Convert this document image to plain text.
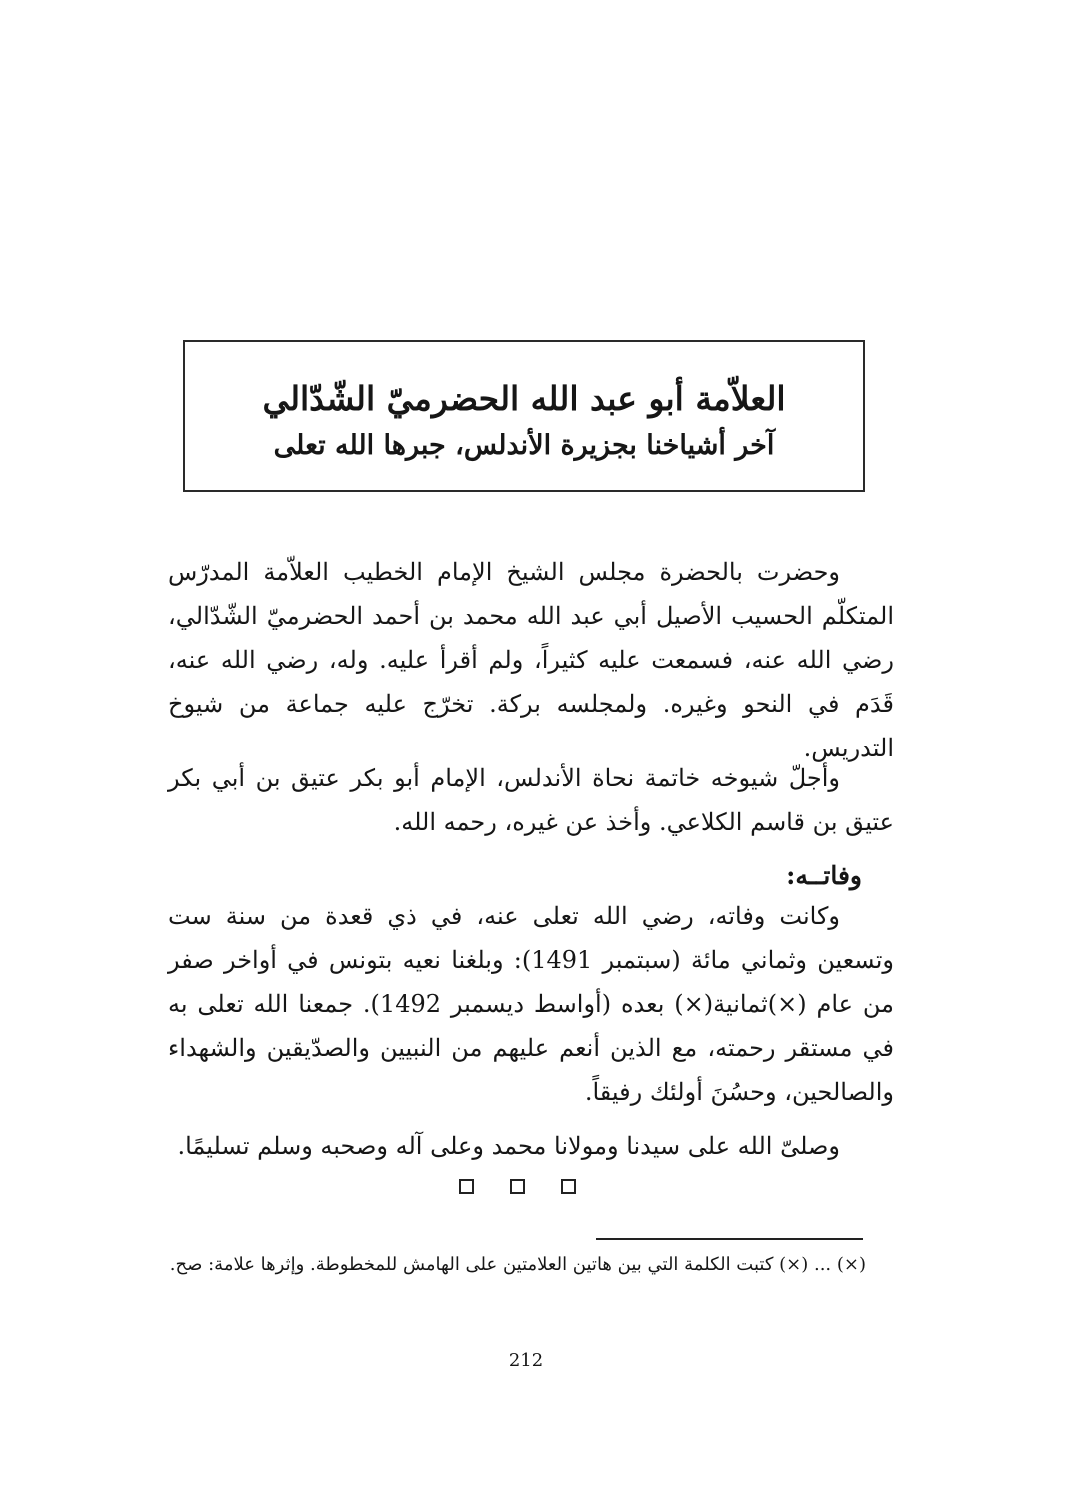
العلاّمة أبو عبد الله الحضرميّ الشّدّالي
آخر أشياخنا بجزيرة الأندلس، جبرها الله تعلى

وحضرت بالحضرة مجلس الشيخ الإمام الخطيب العلاّمة المدرّس المتكلّم الحسيب الأصيل أبي عبد الله محمد بن أحمد الحضرميّ الشّدّالي، رضي الله عنه، فسمعت عليه كثيراً، ولم أقرأ عليه. وله، رضي الله عنه، قَدَم في النحو وغيره. ولمجلسه بركة. تخرّج عليه جماعة من شيوخ التدريس.

وأجلّ شيوخه خاتمة نحاة الأندلس، الإمام أبو بكر عتيق بن أبي بكر عتيق بن قاسم الكلاعي. وأخذ عن غيره، رحمه الله.

وفاتــه:

وكانت وفاته، رضي الله تعلى عنه، في ذي قعدة من سنة ست وتسعين وثماني مائة (سبتمبر 1491): وبلغنا نعيه بتونس في أواخر صفر من عام (×)ثمانية(×) بعده (أواسط ديسمبر 1492). جمعنا الله تعلى به في مستقر رحمته، مع الذين أنعم عليهم من النبيين والصدّيقين والشهداء والصالحين، وحسُنَ أولئك رفيقاً.

وصلىّ الله على سيدنا ومولانا محمد وعلى آله وصحبه وسلم تسليمًا.

(×) ... (×) كتبت الكلمة التي بين هاتين العلامتين على الهامش للمخطوطة. وإثرها علامة: صح.
212
